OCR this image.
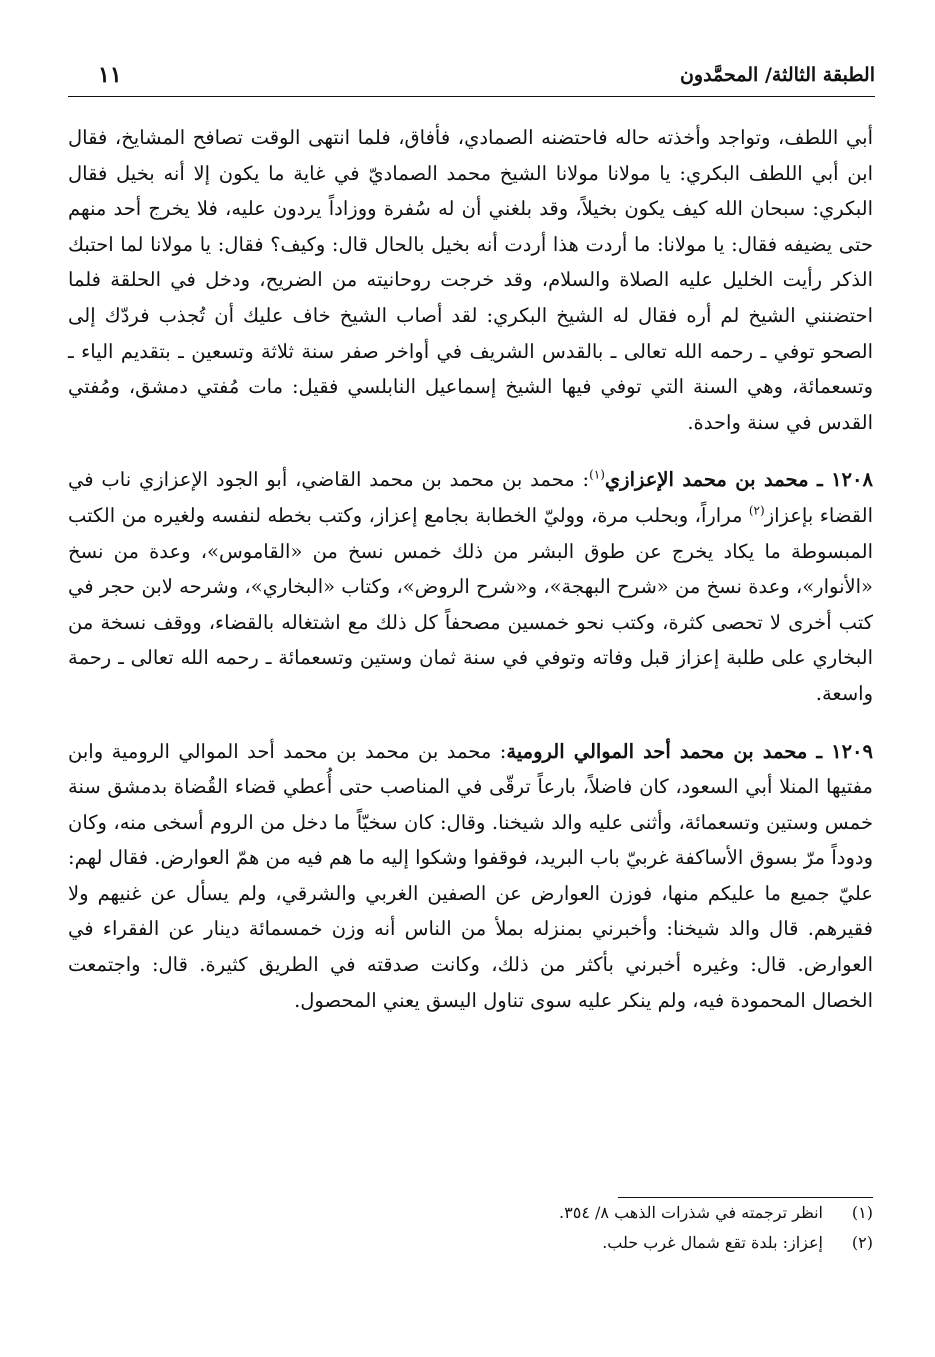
الطبقة الثالثة/ المحمَّدون
١١

أبي اللطف، وتواجد وأخذته حاله فاحتضنه الصمادي، فأفاق، فلما انتهى الوقت تصافح المشايخ، فقال ابن أبي اللطف البكري: يا مولانا مولانا الشيخ محمد الصماديّ في غاية ما يكون إلا أنه بخيل فقال البكري: سبحان الله كيف يكون بخيلاً، وقد بلغني أن له سُفرة ووزاداً يردون عليه، فلا يخرج أحد منهم حتى يضيفه فقال: يا مولانا: ما أردت هذا أردت أنه بخيل بالحال قال: وكيف؟ فقال: يا مولانا لما احتبك الذكر رأيت الخليل عليه الصلاة والسلام، وقد خرجت روحانيته من الضريح، ودخل في الحلقة فلما احتضنني الشيخ لم أره فقال له الشيخ البكري: لقد أصاب الشيخ خاف عليك أن تُجذب فردّك إلى الصحو توفي ـ رحمه الله تعالى ـ بالقدس الشريف في أواخر صفر سنة ثلاثة وتسعين ـ بتقديم الياء ـ وتسعمائة، وهي السنة التي توفي فيها الشيخ إسماعيل النابلسي فقيل: مات مُفتي دمشق، ومُفتي القدس في سنة واحدة.

١٢٠٨ ـ محمد بن محمد الإعزازي$^{(١)}$: محمد بن محمد بن محمد القاضي، أبو الجود الإعزازي ناب في القضاء بإعزاز$^{(٢)}$ مراراً، وبحلب مرة، ووليّ الخطابة بجامع إعزاز، وكتب بخطه لنفسه ولغيره من الكتب المبسوطة ما يكاد يخرج عن طوق البشر من ذلك خمس نسخ من «القاموس»، وعدة من نسخ «الأنوار»، وعدة نسخ من «شرح البهجة»، و«شرح الروض»، وكتاب «البخاري»، وشرحه لابن حجر في كتب أخرى لا تحصى كثرة، وكتب نحو خمسين مصحفاً كل ذلك مع اشتغاله بالقضاء، ووقف نسخة من البخاري على طلبة إعزاز قبل وفاته وتوفي في سنة ثمان وستين وتسعمائة ـ رحمه الله تعالى ـ رحمة واسعة.

١٢٠٩ ـ محمد بن محمد أحد الموالي الرومية: محمد بن محمد بن محمد أحد الموالي الرومية وابن مفتيها المنلا أبي السعود، كان فاضلاً، بارعاً ترقّى في المناصب حتى أُعطي قضاء القُضاة بدمشق سنة خمس وستين وتسعمائة، وأثنى عليه والد شيخنا. وقال: كان سخيّاً ما دخل من الروم أسخى منه، وكان ودوداً مرّ بسوق الأساكفة غربيّ باب البريد، فوقفوا وشكوا إليه ما هم فيه من همّ العوارض. فقال لهم: عليّ جميع ما عليكم منها، فوزن العوارض عن الصفين الغربي والشرقي، ولم يسأل عن غنيهم ولا فقيرهم. قال والد شيخنا: وأخبرني بمنزله بملأ من الناس أنه وزن خمسمائة دينار عن الفقراء في العوارض. قال: وغيره أخبرني بأكثر من ذلك، وكانت صدقته في الطريق كثيرة. قال: واجتمعت الخصال المحمودة فيه، ولم ينكر عليه سوى تناول اليسق يعني المحصول.

(١)
انظر ترجمته في شذرات الذهب ٨/ ٣٥٤.
(٢)
إعزاز: بلدة تقع شمال غرب حلب.
